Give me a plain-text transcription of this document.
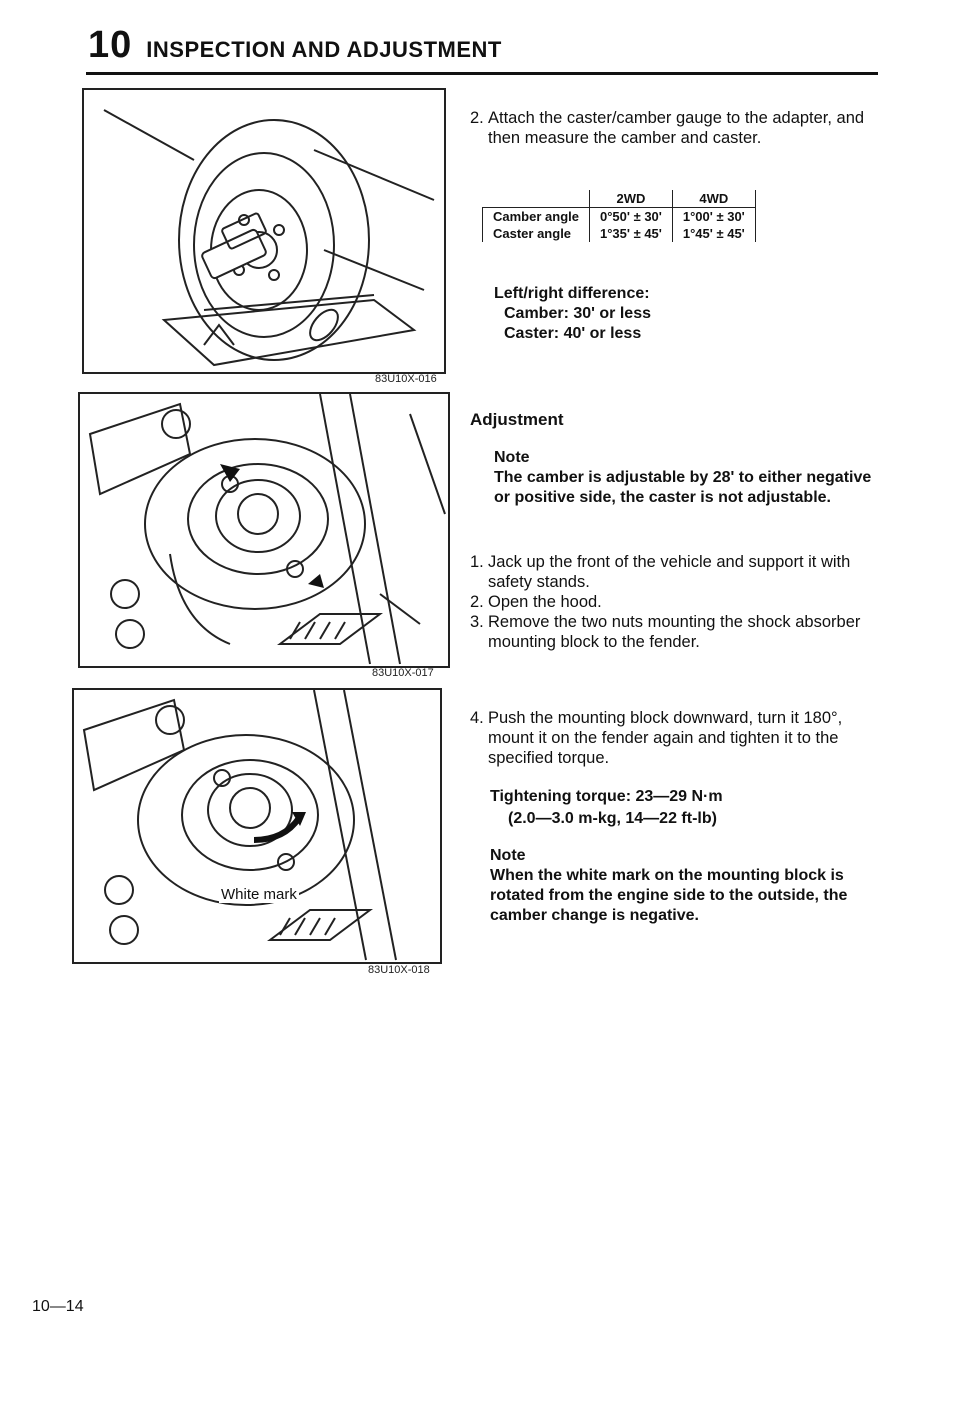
10 INSPECTION AND ADJUSTMENT
83U10X-016
83U10X-017
White mark
83U10X-018

2. Attach the caster/camber gauge to the adapter, and then measure the camber and caster.

	2WD	4WD
Camber angle	0°50' ± 30'	1°00' ± 30'
Caster angle	1°35' ± 45'	1°45' ± 45'
Left/right difference:
Camber: 30' or less
Caster: 40' or less
Adjustment
Note
The camber is adjustable by 28' to either negative or positive side, the caster is not adjustable.

1. Jack up the front of the vehicle and support it with safety stands.

2. Open the hood.

3. Remove the two nuts mounting the shock absorber mounting block to the fender.

4. Push the mounting block downward, turn it 180°, mount it on the fender again and tighten it to the specified torque.

Tightening torque: 23—29 N·m
(2.0—3.0 m-kg, 14—22 ft-lb)
Note
When the white mark on the mounting block is rotated from the engine side to the outside, the camber change is negative.
10—14
